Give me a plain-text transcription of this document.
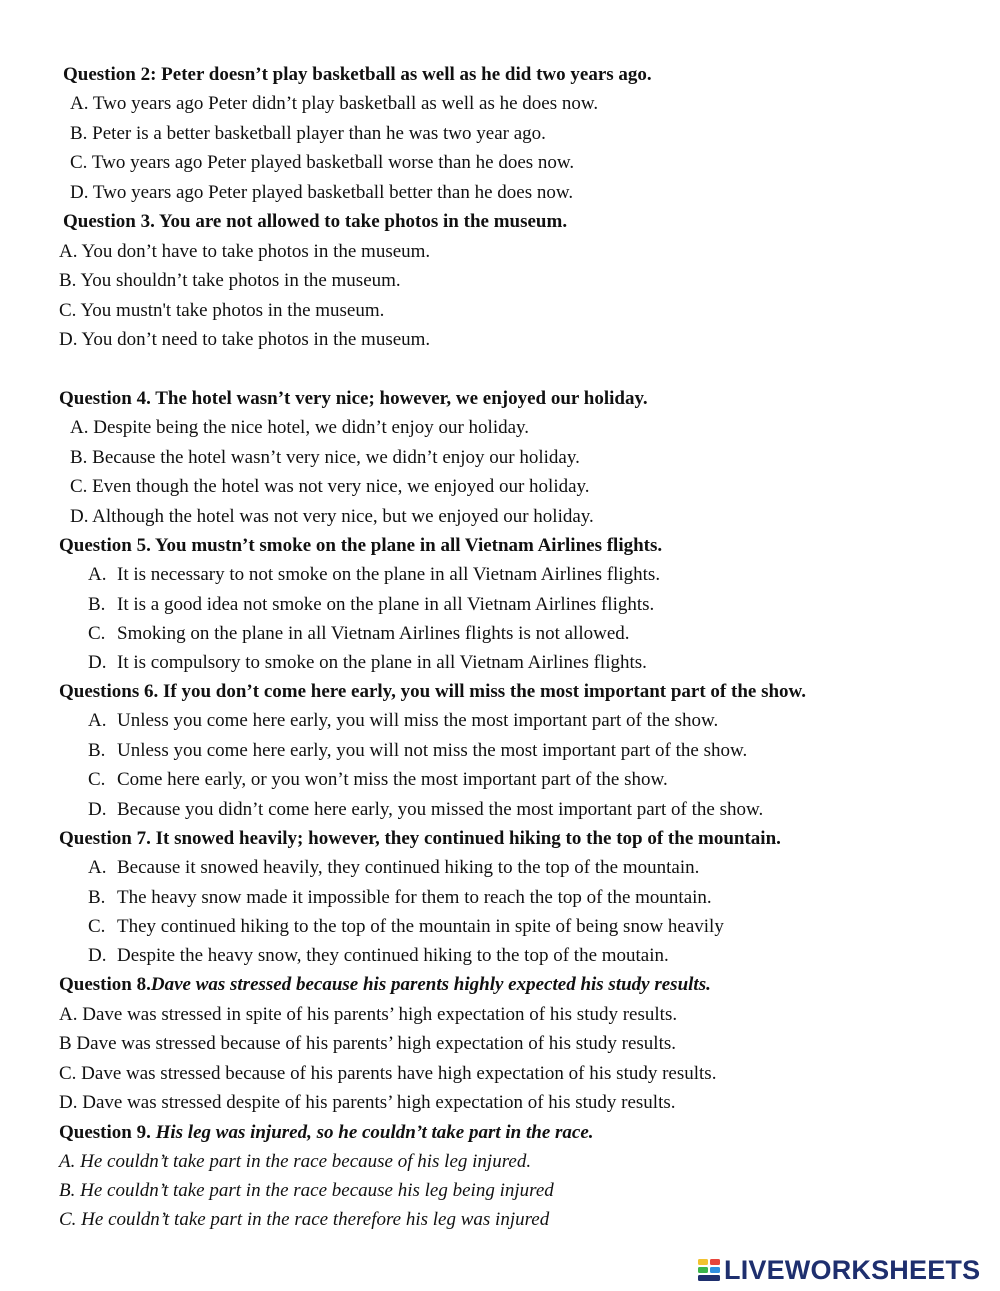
Question 2: Peter doesn’t play basketball as well as he did two years ago.
A. Two years ago Peter didn’t play basketball as well as he does now.
B. Peter is a better basketball player than he was two year ago.
C. Two years ago Peter played basketball worse than he does now.
D. Two years ago Peter played basketball better than he does now.
Question 3. You are not allowed to take photos in the museum.
A. You don’t have to take photos in the museum.
B. You shouldn’t take photos in the museum.
C. You mustn't take photos in the museum.
D. You don’t need to take photos in the museum.
Question 4. The hotel wasn’t very nice; however, we enjoyed our holiday.
A. Despite being the nice hotel, we didn’t enjoy our holiday.
B. Because the hotel wasn’t very nice, we didn’t enjoy our holiday.
C. Even though the hotel was not very nice, we enjoyed our holiday.
D. Although the hotel was not very nice, but we enjoyed our holiday.
Question 5. You mustn’t smoke on the plane in all Vietnam Airlines flights.
A. It is necessary to not smoke on the plane in all Vietnam Airlines flights.
B. It is a good idea not smoke on the plane in all Vietnam Airlines flights.
C. Smoking on the plane in all Vietnam Airlines flights is not allowed.
D. It is compulsory to smoke on the plane in all Vietnam Airlines flights.
Questions 6. If you don’t come here early, you will miss the most important part of the show.
A. Unless you come here early, you will miss the most important part of the show.
B. Unless you come here early, you will not miss the most important part of the show.
C. Come here early, or you won’t miss the most important part of the show.
D. Because you didn’t come here early, you missed the most important part of the show.
Question 7. It snowed heavily; however, they continued hiking to the top of the mountain.
A. Because it snowed heavily, they continued hiking to the top of the mountain.
B. The heavy snow made it impossible for them to reach the top of the mountain.
C. They continued hiking to the top of the mountain in spite of being snow heavily
D. Despite the heavy snow, they continued hiking to the top of the moutain.
Question 8.Dave was stressed because his parents highly expected his study results.
A. Dave was stressed in spite of his parents’ high expectation of his study results.
B Dave was stressed because of his parents’ high expectation of his study results.
C. Dave was stressed because of his parents have high expectation of his study results.
D. Dave was stressed despite of his parents’ high expectation of his study results.
Question 9. His leg was injured, so he couldn’t take part in the race.
A. He couldn’t take part in the race because of his leg injured.
B. He couldn’t take part in the race because his leg being injured
C. He couldn’t take part in the race therefore his leg was injured
LIVEWORKSHEETS
